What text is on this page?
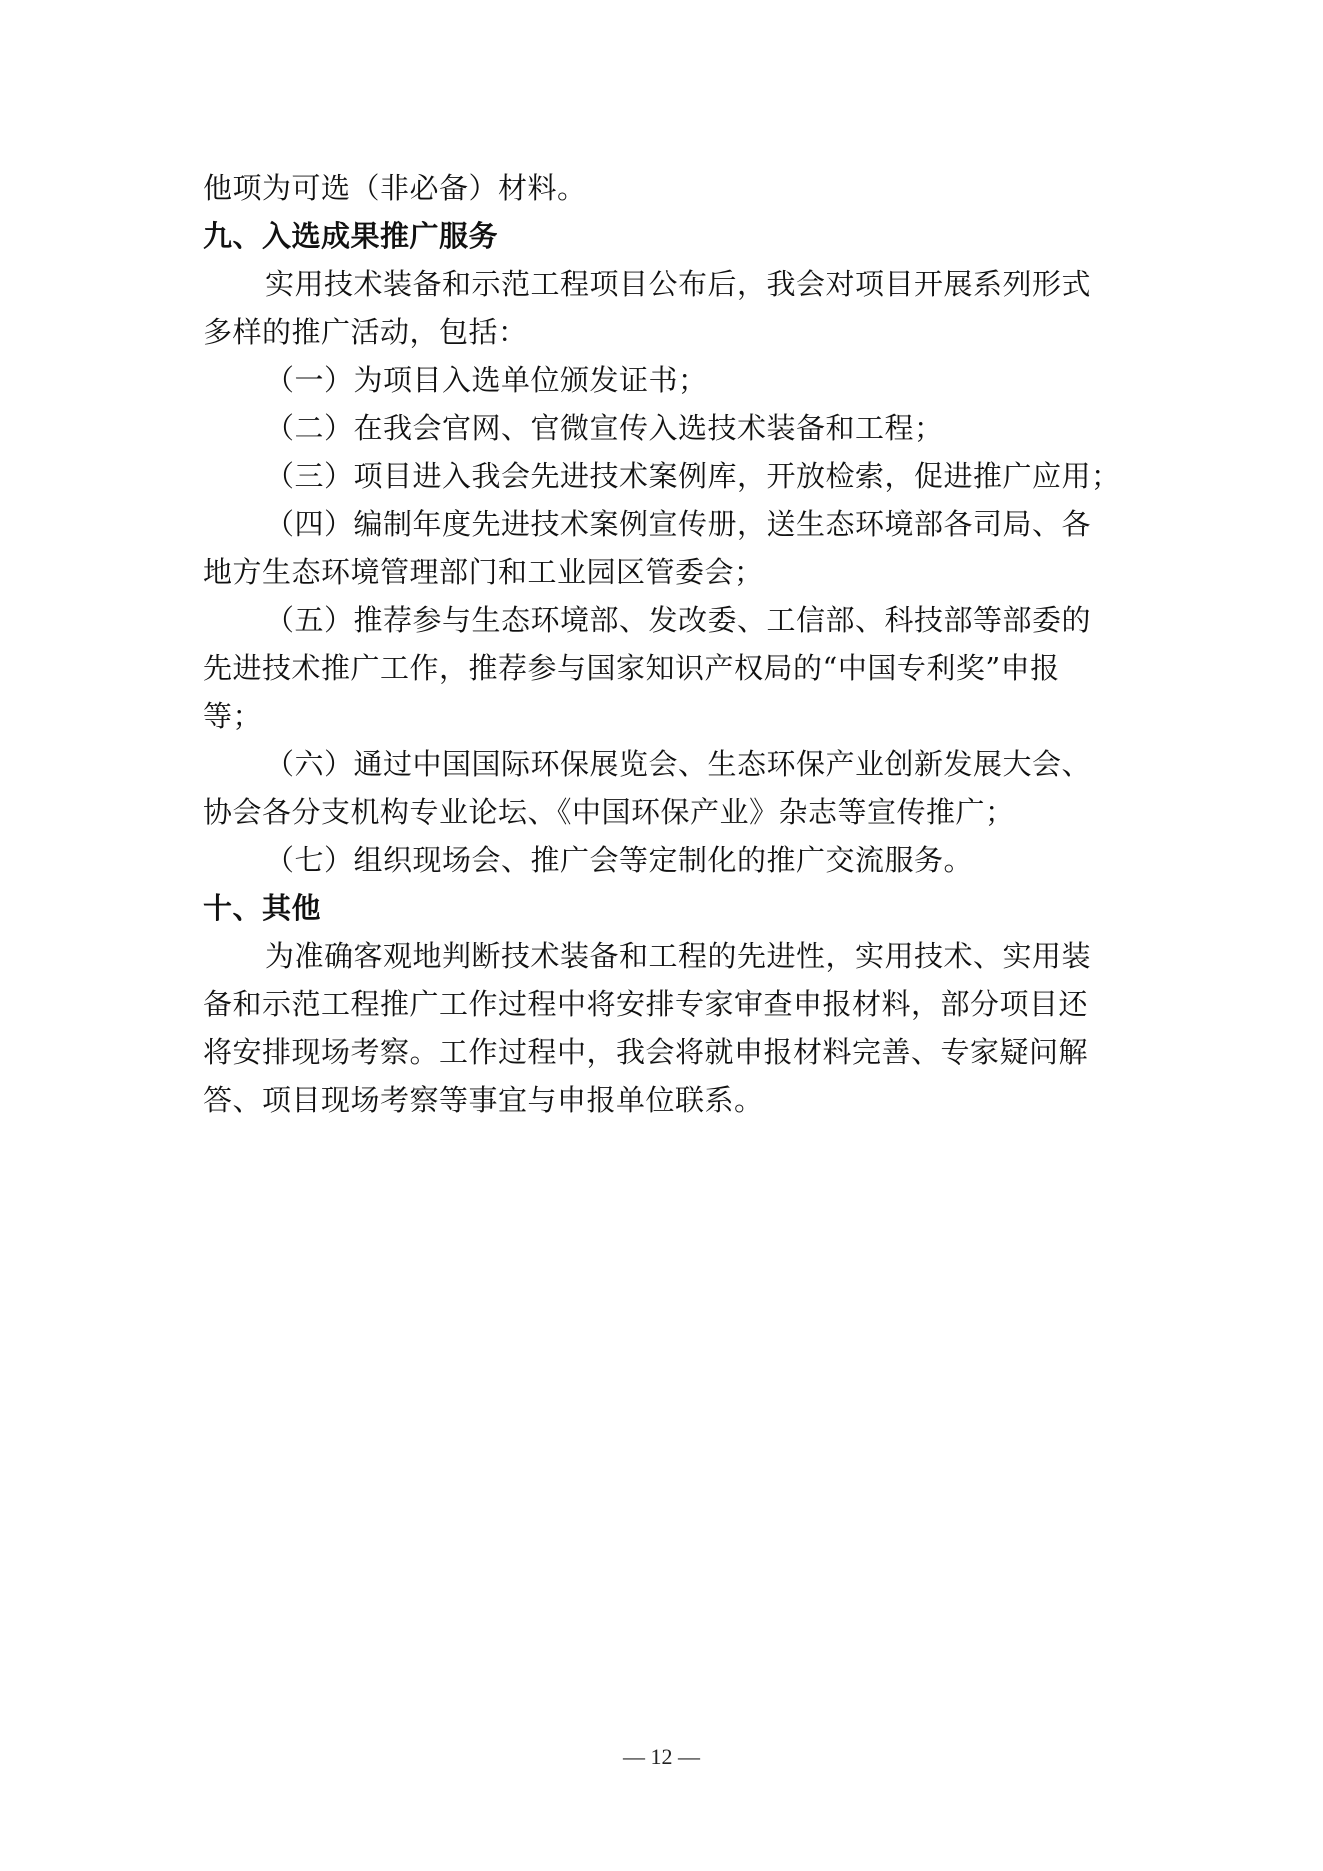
他项为可选（非必备）材料。
九、入选成果推广服务
实用技术装备和示范工程项目公布后，我会对项目开展系列形式
多样的推广活动，包括：
（一）为项目入选单位颁发证书；
（二）在我会官网、官微宣传入选技术装备和工程；
（三）项目进入我会先进技术案例库，开放检索，促进推广应用；
（四）编制年度先进技术案例宣传册，送生态环境部各司局、各
地方生态环境管理部门和工业园区管委会；
（五）推荐参与生态环境部、发改委、工信部、科技部等部委的
先进技术推广工作，推荐参与国家知识产权局的“中国专利奖”申报
等；
（六）通过中国国际环保展览会、生态环保产业创新发展大会、
协会各分支机构专业论坛、《中国环保产业》杂志等宣传推广；
（七）组织现场会、推广会等定制化的推广交流服务。
十、其他
为准确客观地判断技术装备和工程的先进性，实用技术、实用装
备和示范工程推广工作过程中将安排专家审查申报材料，部分项目还
将安排现场考察。工作过程中，我会将就申报材料完善、专家疑问解
答、项目现场考察等事宜与申报单位联系。
— 12 —
